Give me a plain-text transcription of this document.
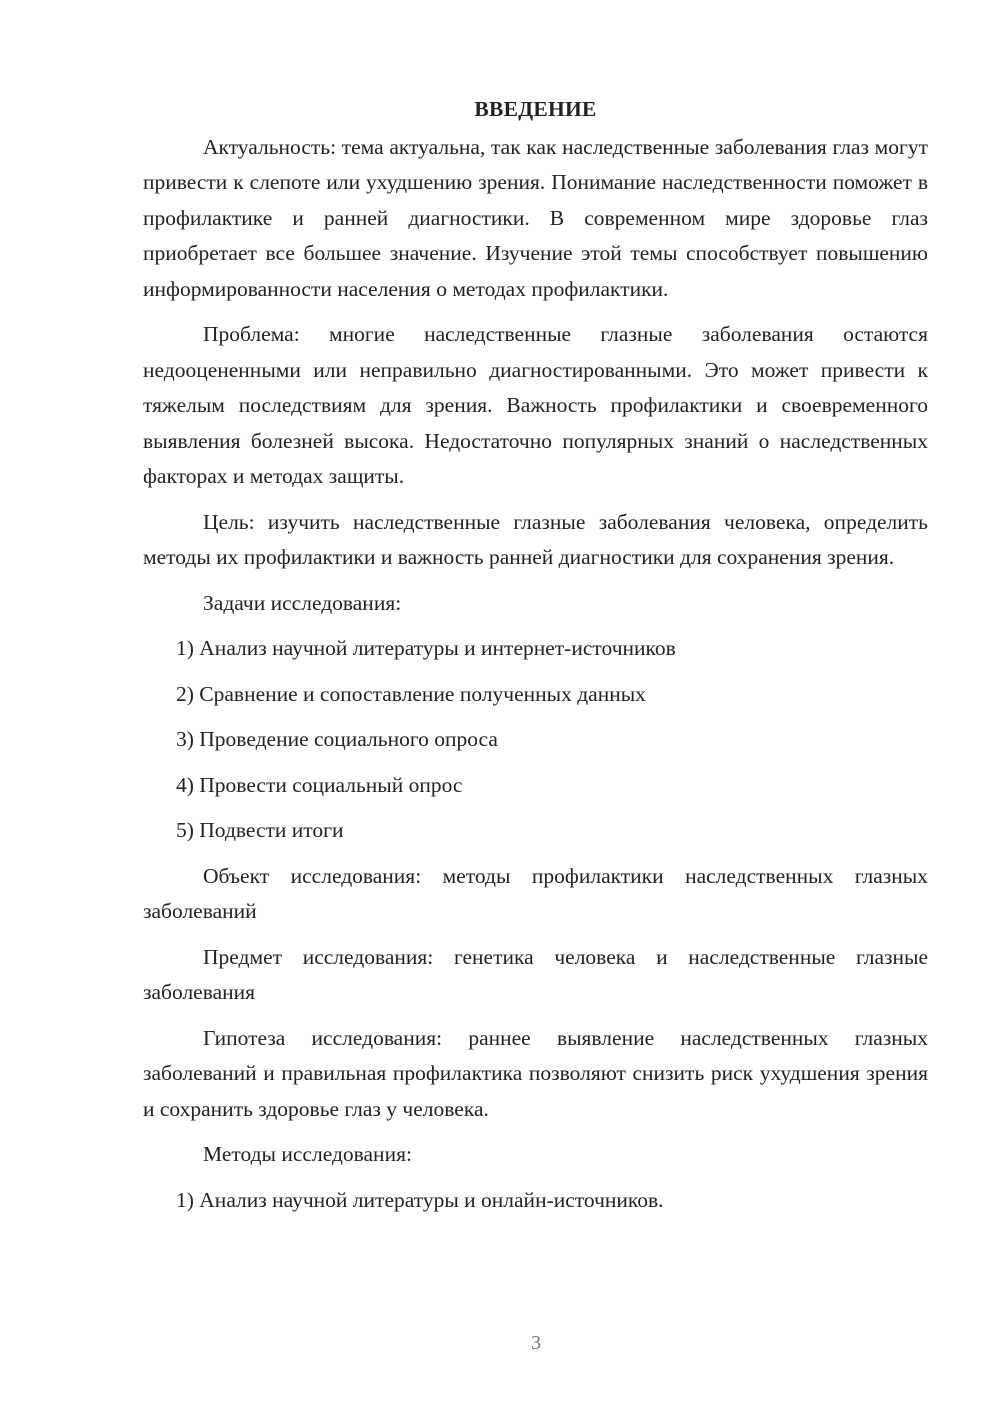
ВВЕДЕНИЕ
Актуальность: тема актуальна, так как наследственные заболевания глаз могут привести к слепоте или ухудшению зрения. Понимание наследственности поможет в профилактике и ранней диагностики. В современном мире здоровье глаз приобретает все большее значение. Изучение этой темы способствует повышению информированности населения о методах профилактики.
Проблема: многие наследственные глазные заболевания остаются недооцененными или неправильно диагностированными. Это может привести к тяжелым последствиям для зрения. Важность профилактики и своевременного выявления болезней высока. Недостаточно популярных знаний о наследственных факторах и методах защиты.
Цель: изучить наследственные глазные заболевания человека, определить методы их профилактики и важность ранней диагностики для сохранения зрения.
Задачи исследования:
1) Анализ научной литературы и интернет-источников
2) Сравнение и сопоставление полученных данных
3) Проведение социального опроса
4) Провести социальный опрос
5) Подвести итоги
Объект исследования: методы профилактики наследственных глазных заболеваний
Предмет исследования: генетика человека и наследственные глазные заболевания
Гипотеза исследования: раннее выявление наследственных глазных заболеваний и правильная профилактика позволяют снизить риск ухудшения зрения и сохранить здоровье глаз у человека.
Методы исследования:
1) Анализ научной литературы и онлайн-источников.
3
